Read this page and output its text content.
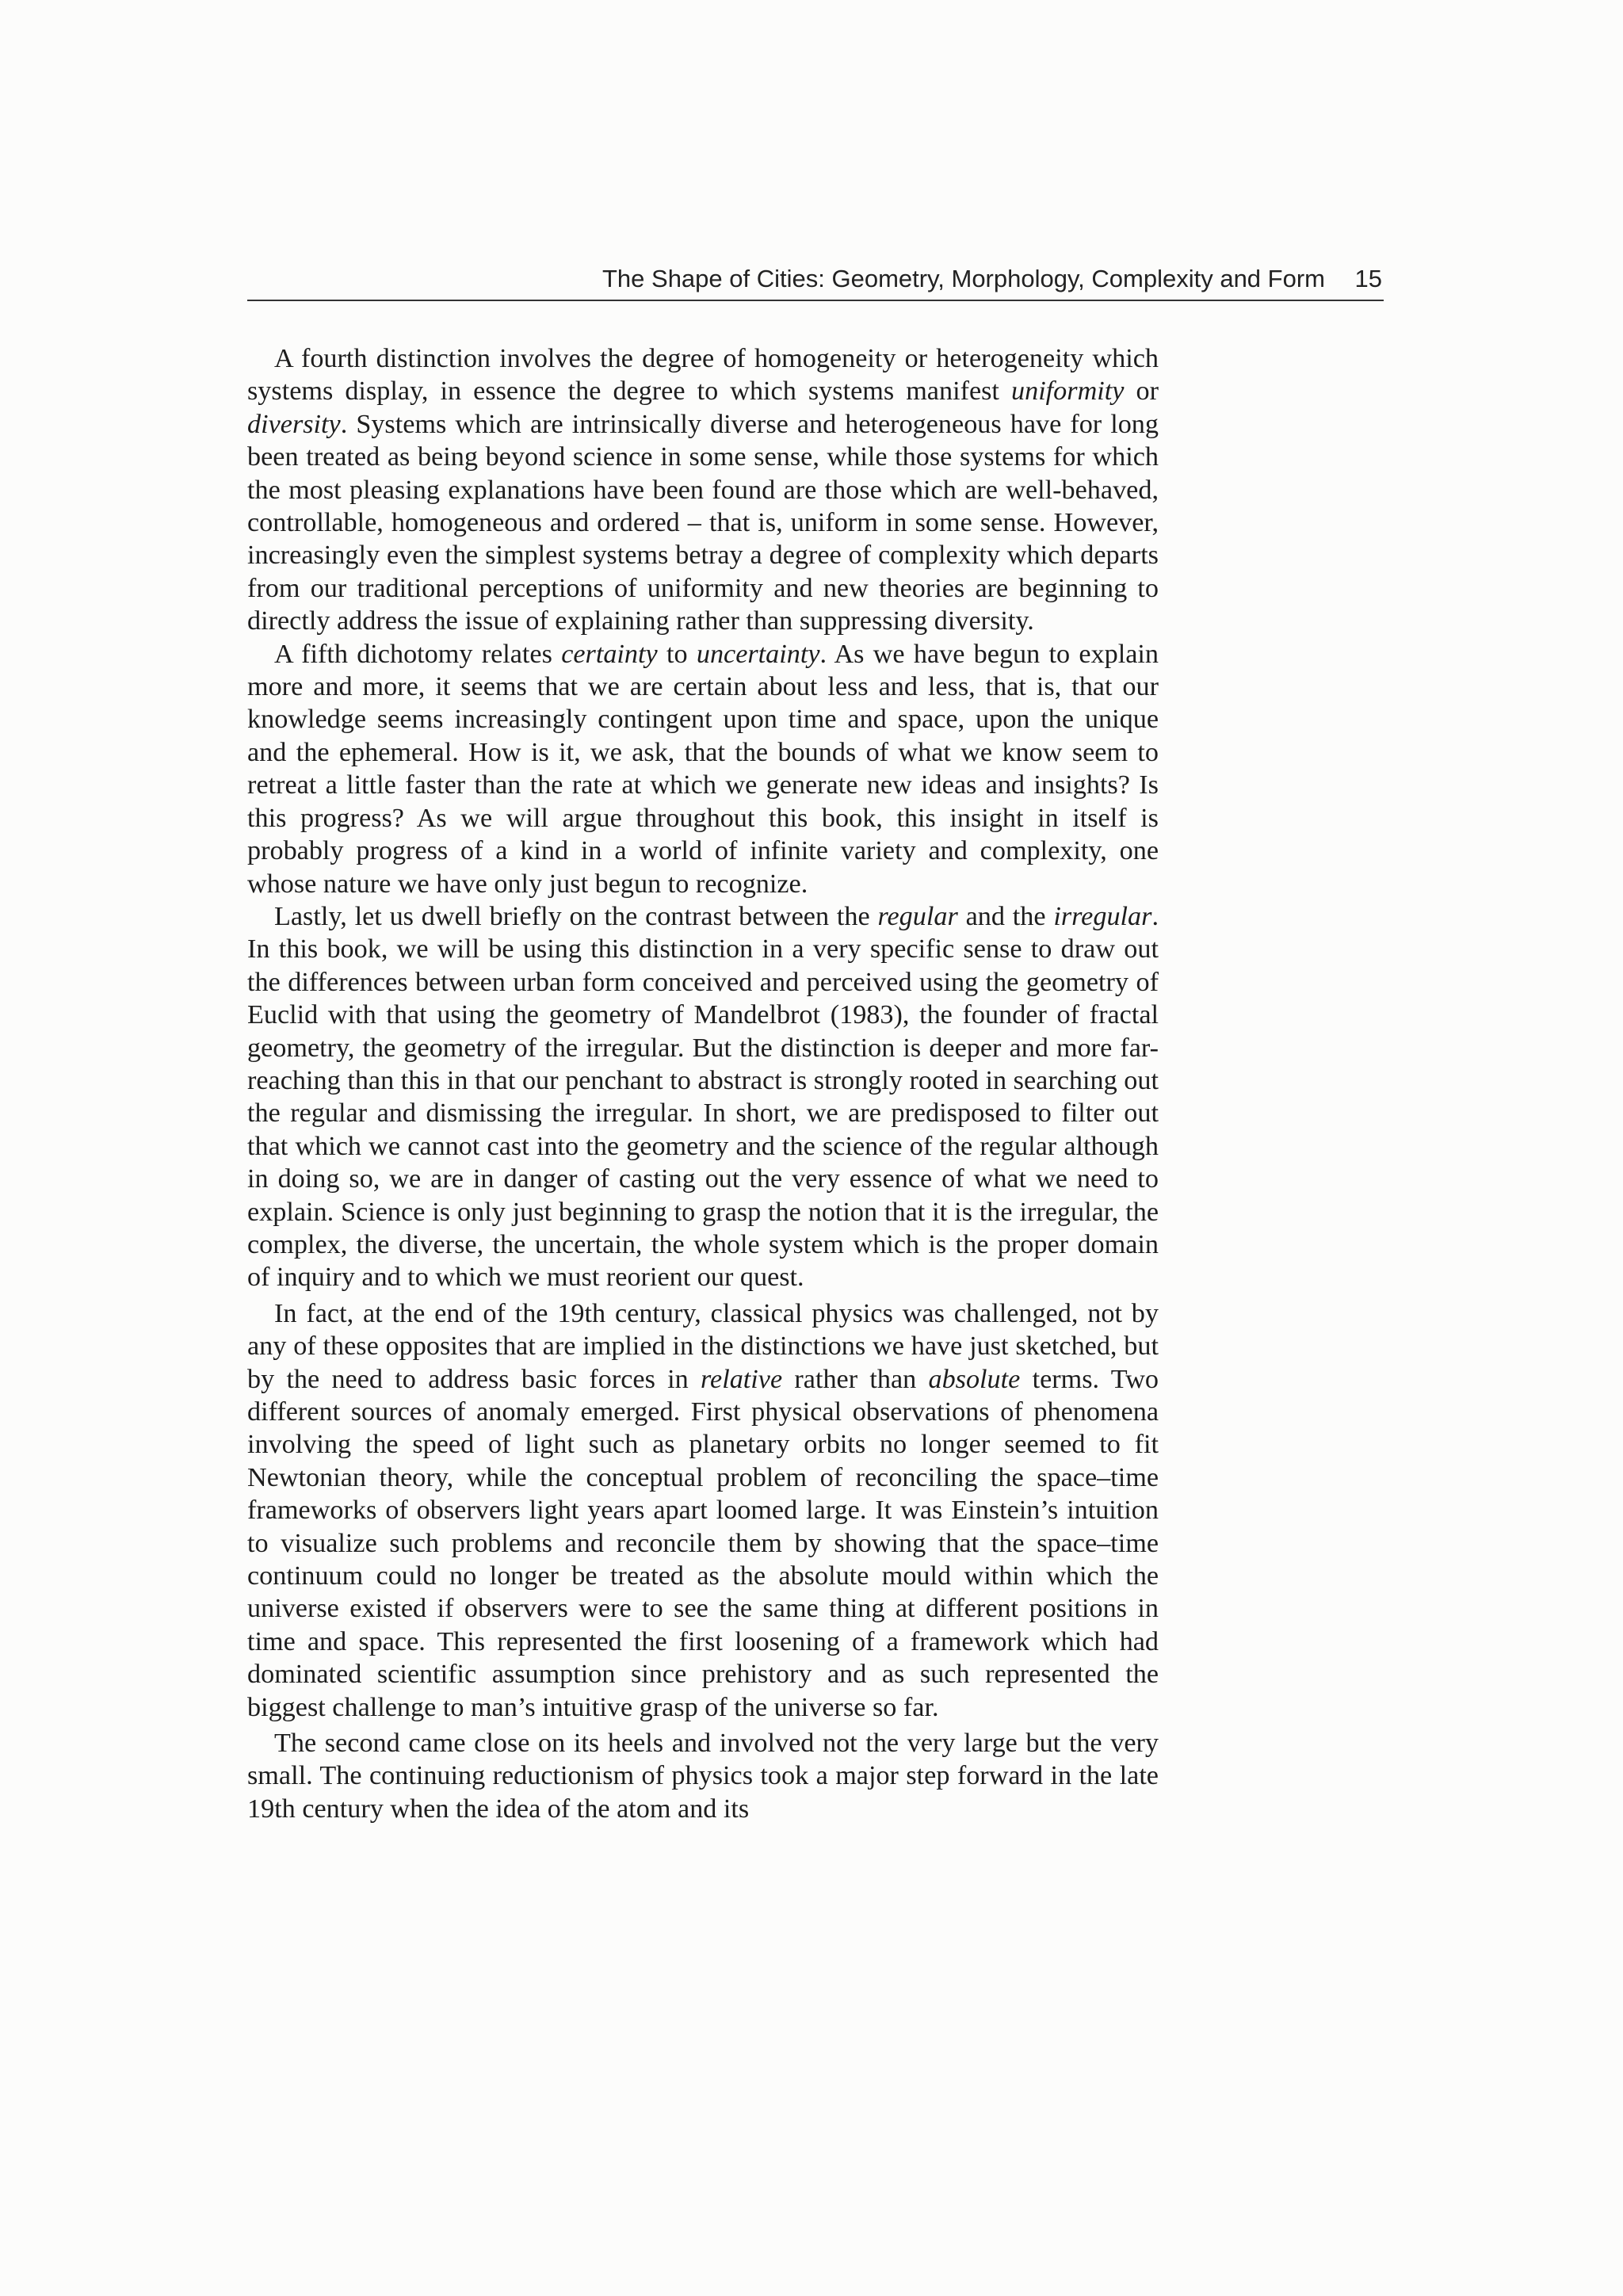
The Shape of Cities: Geometry, Morphology, Complexity and Form 15

A fourth distinction involves the degree of homogeneity or heterogeneity which systems display, in essence the degree to which systems manifest uniformity or diversity. Systems which are intrinsically diverse and heterogeneous have for long been treated as being beyond science in some sense, while those systems for which the most pleasing explanations have been found are those which are well-behaved, controllable, homogeneous and ordered – that is, uniform in some sense. However, increasingly even the simplest systems betray a degree of complexity which departs from our traditional perceptions of uniformity and new theories are beginning to directly address the issue of explaining rather than suppressing diversity.

A fifth dichotomy relates certainty to uncertainty. As we have begun to explain more and more, it seems that we are certain about less and less, that is, that our knowledge seems increasingly contingent upon time and space, upon the unique and the ephemeral. How is it, we ask, that the bounds of what we know seem to retreat a little faster than the rate at which we generate new ideas and insights? Is this progress? As we will argue throughout this book, this insight in itself is probably progress of a kind in a world of infinite variety and complexity, one whose nature we have only just begun to recognize.

Lastly, let us dwell briefly on the contrast between the regular and the irregular. In this book, we will be using this distinction in a very specific sense to draw out the differences between urban form conceived and perceived using the geometry of Euclid with that using the geometry of Mandelbrot (1983), the founder of fractal geometry, the geometry of the irregular. But the distinction is deeper and more far-reaching than this in that our penchant to abstract is strongly rooted in searching out the regular and dismissing the irregular. In short, we are predisposed to filter out that which we cannot cast into the geometry and the science of the regular although in doing so, we are in danger of casting out the very essence of what we need to explain. Science is only just beginning to grasp the notion that it is the irregular, the complex, the diverse, the uncertain, the whole system which is the proper domain of inquiry and to which we must reorient our quest.

In fact, at the end of the 19th century, classical physics was challenged, not by any of these opposites that are implied in the distinctions we have just sketched, but by the need to address basic forces in relative rather than absolute terms. Two different sources of anomaly emerged. First physical observations of phenomena involving the speed of light such as planetary orbits no longer seemed to fit Newtonian theory, while the conceptual problem of reconciling the space–time frameworks of observers light years apart loomed large. It was Einstein’s intuition to visualize such problems and reconcile them by showing that the space–time continuum could no longer be treated as the absolute mould within which the universe existed if observers were to see the same thing at different positions in time and space. This represented the first loosening of a framework which had dominated scientific assumption since prehistory and as such represented the biggest challenge to man’s intuitive grasp of the universe so far.

The second came close on its heels and involved not the very large but the very small. The continuing reductionism of physics took a major step forward in the late 19th century when the idea of the atom and its
